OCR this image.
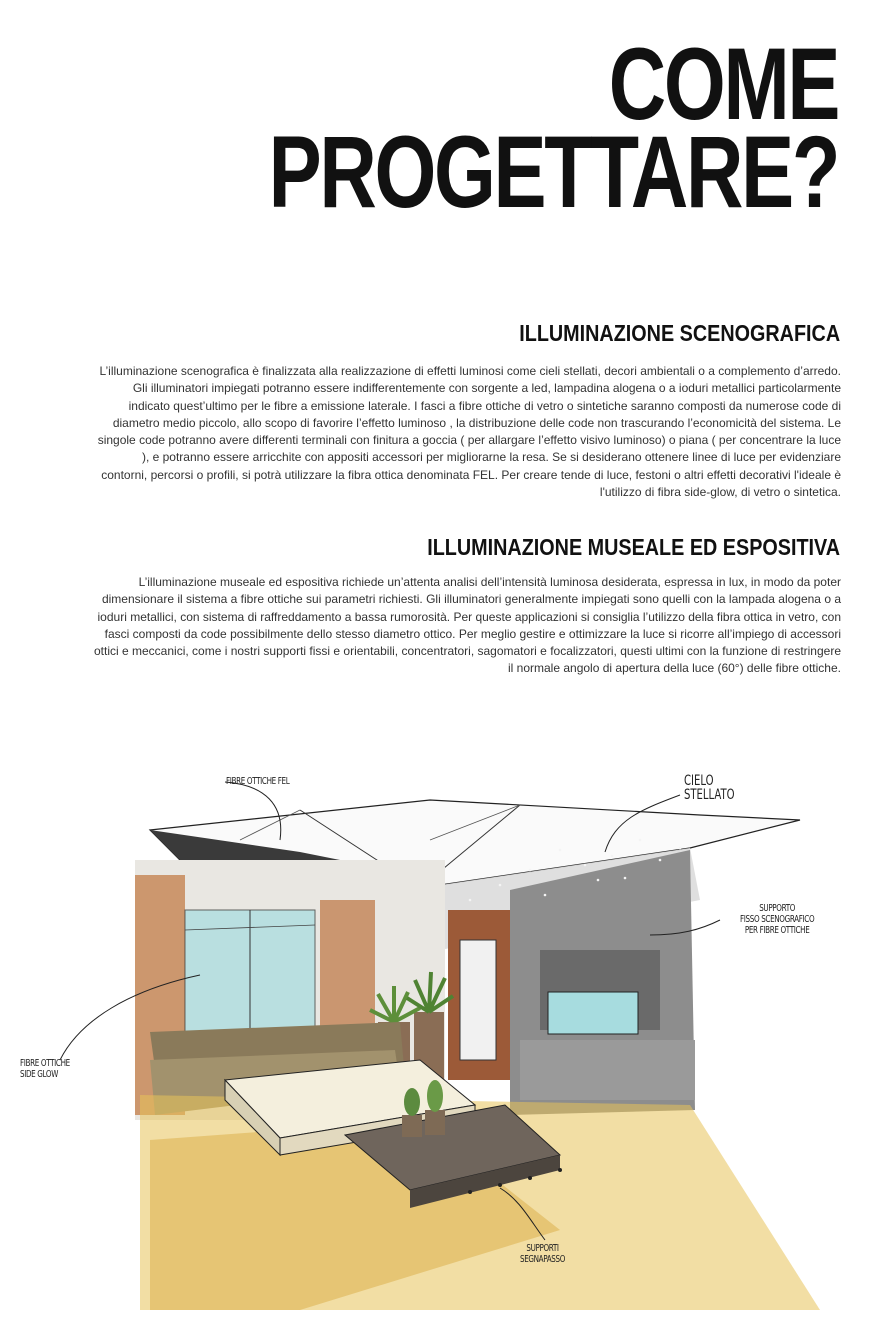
COME
PROGETTARE?
ILLUMINAZIONE SCENOGRAFICA

L’illuminazione scenografica è finalizzata alla realizzazione di effetti luminosi come cieli stellati, decori ambientali o a complemento d’arredo. Gli illuminatori impiegati potranno essere indifferentemente con sorgente a led, lampadina alogena o a ioduri metallici particolarmente indicato quest’ultimo per le fibre a emissione laterale. I fasci a fibre ottiche di vetro o sintetiche saranno composti da numerose code di diametro medio piccolo, allo scopo di favorire l’effetto luminoso , la distribuzione delle code non trascurando l’economicità del sistema. Le singole code potranno avere differenti terminali con finitura a goccia ( per allargare l’effetto visivo luminoso) o piana ( per concentrare la luce ), e potranno essere arricchite con appositi accessori per migliorarne la resa. Se si desiderano ottenere linee di luce per evidenziare contorni, percorsi o profili, si potrà utilizzare la fibra ottica denominata FEL. Per creare tende di luce, festoni o altri effetti decorativi l'ideale è l'utilizzo di fibra side-glow, di vetro o sintetica.

ILLUMINAZIONE MUSEALE ED ESPOSITIVA

L’illuminazione museale ed espositiva richiede un’attenta analisi dell’intensità luminosa desiderata, espressa in lux, in modo da poter dimensionare il sistema a fibre ottiche sui parametri richiesti. Gli illuminatori generalmente impiegati sono quelli con la lampada alogena o a ioduri metallici, con sistema di raffreddamento a bassa rumorosità. Per queste applicazioni si consiglia l’utilizzo della fibra ottica in vetro, con fasci composti da code possibilmente dello stesso diametro ottico. Per meglio gestire e ottimizzare la luce si ricorre all’impiego di accessori ottici e meccanici, come i nostri supporti fissi e orientabili, concentratori, sagomatori e focalizzatori, questi ultimi con la funzione di restringere il normale angolo di apertura della luce (60°) delle fibre ottiche.

FIBRE OTTICHE FEL	CIELO
STELLATO
SUPPORTO
FISSO SCENOGRAFICO
PER FIBRE OTTICHE
FIBRE OTTICHE
SIDE GLOW
SUPPORTI
SEGNAPASSO
